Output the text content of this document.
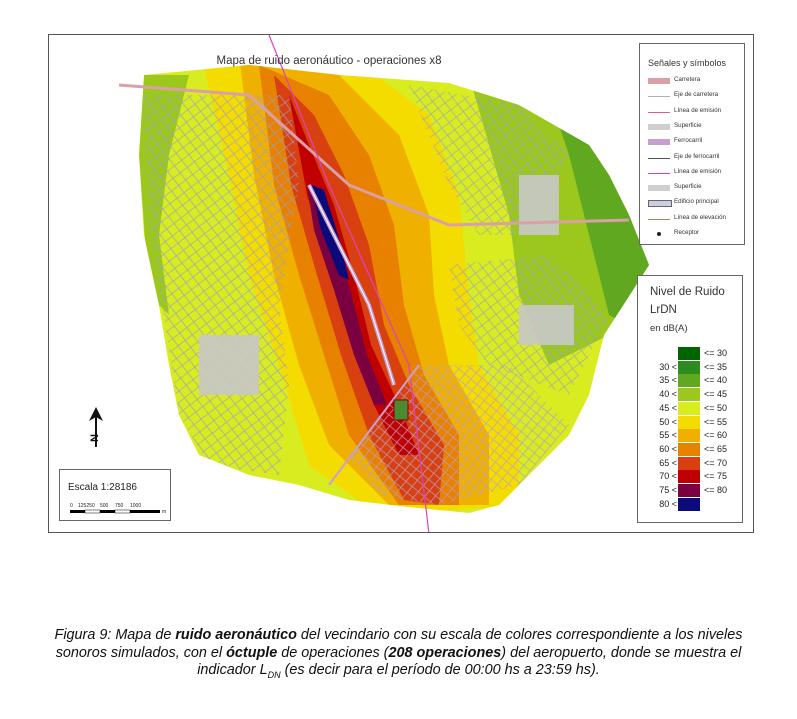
Mapa de ruido aeronáutico - operaciones x8	Señales y símbolos
Carretera
Eje de carretera
Línea de emisión
Superficie
Ferrocarril
Eje de ferrocarril
Línea de emisión
Superficie
Edificio principal
Línea de elevación
Receptor
Nivel de Ruido
LrDN
en dB(A)
<= 30
30 <	<= 35
35 <	<= 40
40 <	<= 45
45 <	<= 50
50 <	<= 55
55 <	<= 60
60 <	<= 65
65 <	<= 70
70 <	<= 75
75 <	<= 80
80 <
Escala 1:28186
0 125250 500 750 1000
m
N
Figura 9: Mapa de ruido aeronáutico del vecindario con su escala de colores correspondiente a los niveles sonoros simulados, con el óctuple de operaciones (208 operaciones) del aeropuerto, donde se muestra el indicador $L_{DN}$ (es decir para el período de 00:00 hs a 23:59 hs).
